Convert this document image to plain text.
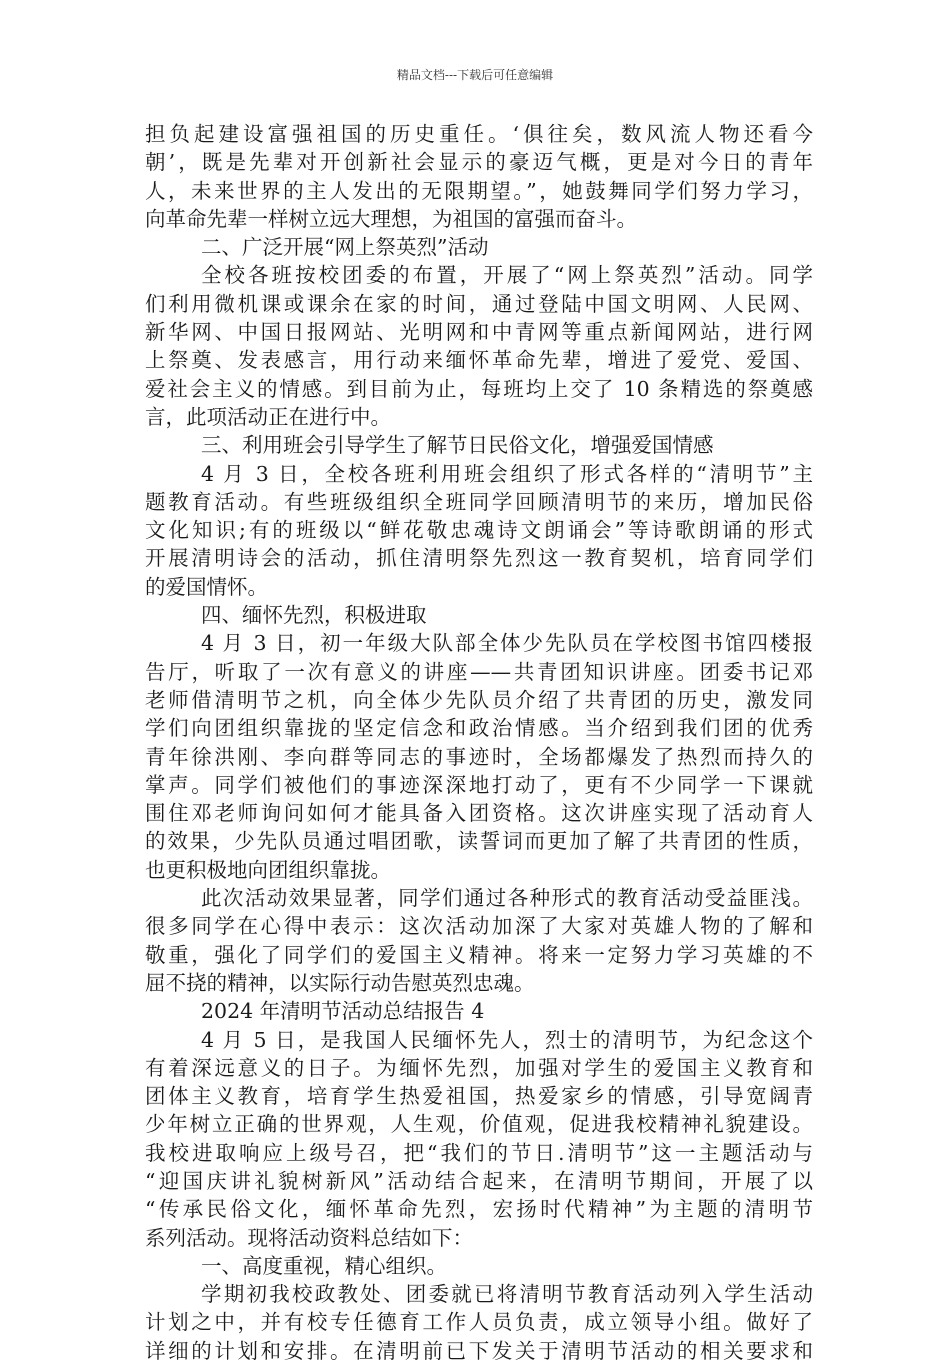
精品文档---下载后可任意编辑
担负起建设富强祖国的历史重任。‘俱往矣，数风流人物还看今
朝’，既是先辈对开创新社会显示的豪迈气概，更是对今日的青年
人，未来世界的主人发出的无限期望。”，她鼓舞同学们努力学习，
向革命先辈一样树立远大理想，为祖国的富强而奋斗。
二、广泛开展“网上祭英烈”活动
全校各班按校团委的布置，开展了“网上祭英烈”活动。同学
们利用微机课或课余在家的时间，通过登陆中国文明网、人民网、
新华网、中国日报网站、光明网和中青网等重点新闻网站，进行网
上祭奠、发表感言，用行动来缅怀革命先辈，增进了爱党、爱国、
爱社会主义的情感。到目前为止，每班均上交了 10 条精选的祭奠感
言，此项活动正在进行中。
三、利用班会引导学生了解节日民俗文化，增强爱国情感
4 月 3 日，全校各班利用班会组织了形式各样的“清明节”主
题教育活动。有些班级组织全班同学回顾清明节的来历，增加民俗
文化知识;有的班级以“鲜花敬忠魂诗文朗诵会”等诗歌朗诵的形式
开展清明诗会的活动，抓住清明祭先烈这一教育契机，培育同学们
的爱国情怀。
四、缅怀先烈，积极进取
4 月 3 日，初一年级大队部全体少先队员在学校图书馆四楼报
告厅，听取了一次有意义的讲座——共青团知识讲座。团委书记邓
老师借清明节之机，向全体少先队员介绍了共青团的历史，激发同
学们向团组织靠拢的坚定信念和政治情感。当介绍到我们团的优秀
青年徐洪刚、李向群等同志的事迹时，全场都爆发了热烈而持久的
掌声。同学们被他们的事迹深深地打动了，更有不少同学一下课就
围住邓老师询问如何才能具备入团资格。这次讲座实现了活动育人
的效果，少先队员通过唱团歌，读誓词而更加了解了共青团的性质，
也更积极地向团组织靠拢。
此次活动效果显著，同学们通过各种形式的教育活动受益匪浅。
很多同学在心得中表示：这次活动加深了大家对英雄人物的了解和
敬重，强化了同学们的爱国主义精神。将来一定努力学习英雄的不
屈不挠的精神，以实际行动告慰英烈忠魂。
2024 年清明节活动总结报告 4
4 月 5 日，是我国人民缅怀先人，烈士的清明节，为纪念这个
有着深远意义的日子。为缅怀先烈，加强对学生的爱国主义教育和
团体主义教育，培育学生热爱祖国，热爱家乡的情感，引导宽阔青
少年树立正确的世界观，人生观，价值观，促进我校精神礼貌建设。
我校进取响应上级号召，把“我们的节日.清明节”这一主题活动与
“迎国庆讲礼貌树新风”活动结合起来，在清明节期间，开展了以
“传承民俗文化，缅怀革命先烈，宏扬时代精神”为主题的清明节
系列活动。现将活动资料总结如下：
一、高度重视，精心组织。
学期初我校政教处、团委就已将清明节教育活动列入学生活动
计划之中，并有校专任德育工作人员负责，成立领导小组。做好了
详细的计划和安排。在清明前已下发关于清明节活动的相关要求和
